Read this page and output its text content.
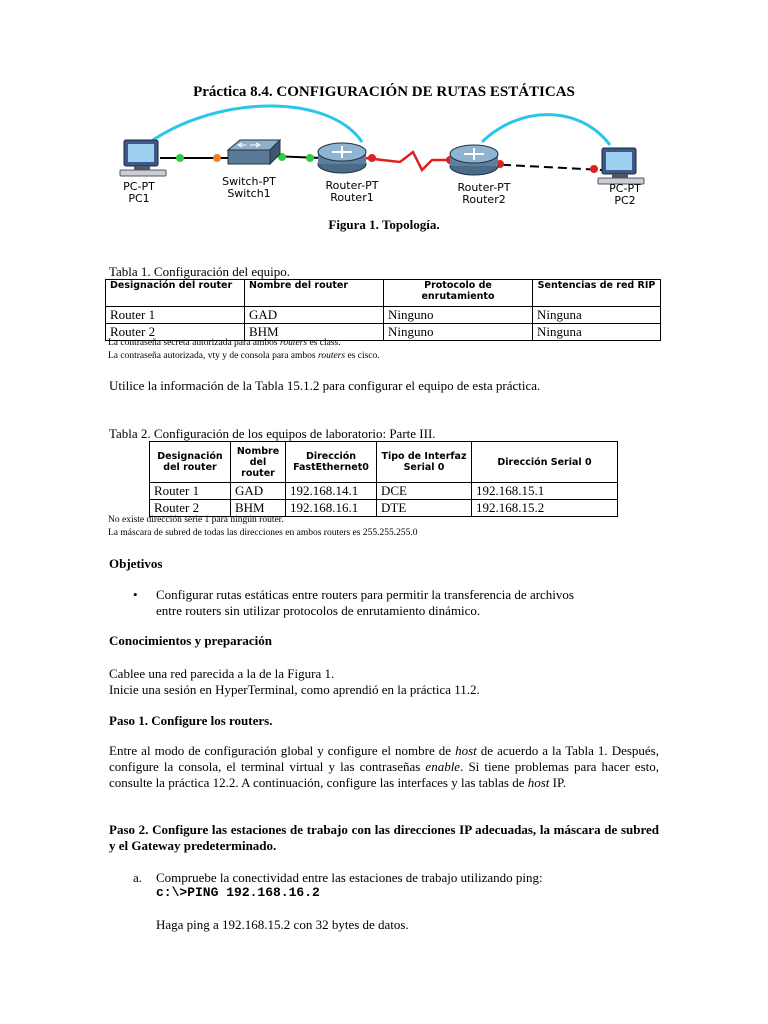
Práctica 8.4. CONFIGURACIÓN DE RUTAS ESTÁTICAS
PC-PT
PC1
Switch-PT
Switch1
Router-PT
Router1
Router-PT
Router2
PC-PT
PC2
Figura 1. Topología.
Tabla 1. Configuración del equipo.
Designación del router	Nombre del router	Protocolo de enrutamiento	Sentencias de red RIP
Router 1	GAD	Ninguno	Ninguna
Router 2	BHM	Ninguno	Ninguna
La contraseña secreta autorizada para ambos routers es class.
La contraseña autorizada, vty y de consola para ambos routers es cisco.
Utilice la información de la Tabla 15.1.2 para configurar el equipo de esta práctica.
Tabla 2. Configuración de los equipos de laboratorio: Parte III.
Designación del router	Nombre del router	Dirección FastEthernet0	Tipo de Interfaz Serial 0	Dirección Serial 0
Router 1	GAD	192.168.14.1	DCE	192.168.15.1
Router 2	BHM	192.168.16.1	DTE	192.168.15.2
No existe dirección serie 1 para ningún router.
La máscara de subred de todas las direcciones en ambos routers es 255.255.255.0
Objetivos
• Configurar rutas estáticas entre routers para permitir la transferencia de archivos
entre routers sin utilizar protocolos de enrutamiento dinámico.
Conocimientos y preparación
Cablee una red parecida a la de la Figura 1.
Inicie una sesión en HyperTerminal, como aprendió en la práctica 11.2.
Paso 1. Configure los routers.
Entre al modo de configuración global y configure el nombre de host de acuerdo a la Tabla 1. Después, configure la consola, el terminal virtual y las contraseñas enable. Si tiene problemas para hacer esto, consulte la práctica 12.2. A continuación, configure las interfaces y las tablas de host IP.
Paso 2. Configure las estaciones de trabajo con las direcciones IP adecuadas, la máscara de subred y el Gateway predeterminado.
a. Compruebe la conectividad entre las estaciones de trabajo utilizando ping:
c:\>PING 192.168.16.2
Haga ping a 192.168.15.2 con 32 bytes de datos.
